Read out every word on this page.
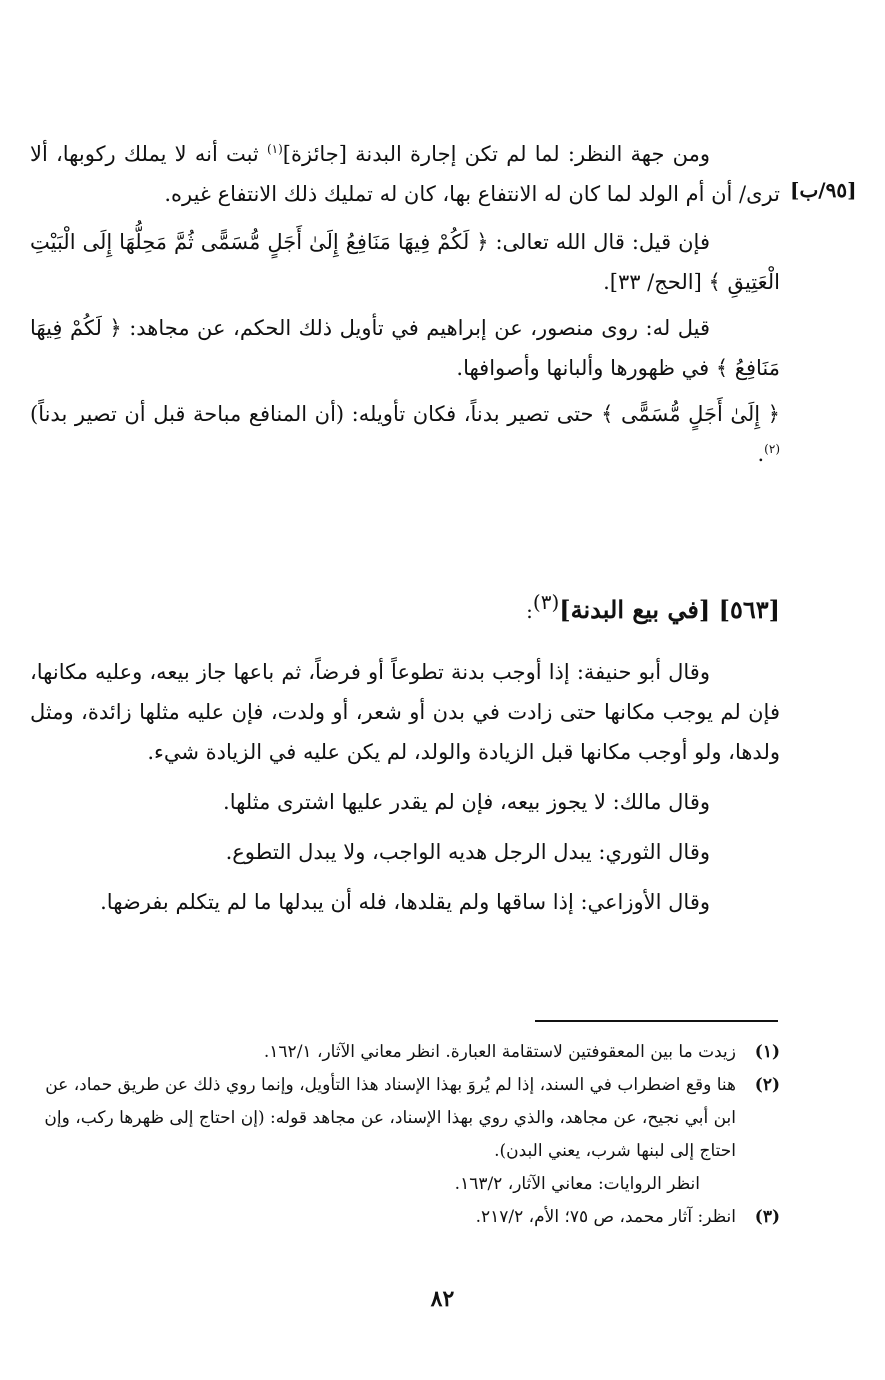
[٩٥/ب]

ومن جهة النظر: لما لم تكن إجارة البدنة [جائزة]$^{(١)}$ ثبت أنه لا يملك ركوبها، ألا ترى/ أن أم الولد لما كان له الانتفاع بها، كان له تمليك ذلك الانتفاع غيره.

فإن قيل: قال الله تعالى: ﴿ لَكُمْ فِيهَا مَنَافِعُ إِلَىٰ أَجَلٍ مُّسَمًّى ثُمَّ مَحِلُّهَا إِلَى الْبَيْتِ الْعَتِيقِ ﴾ [الحج/ ٣٣].

قيل له: روى منصور، عن إبراهيم في تأويل ذلك الحكم، عن مجاهد: ﴿ لَكُمْ فِيهَا مَنَافِعُ ﴾ في ظهورها وألبانها وأصوافها.

﴿ إِلَىٰ أَجَلٍ مُّسَمًّى ﴾ حتى تصير بدناً، فكان تأويله: (أن المنافع مباحة قبل أن تصير بدناً)$^{(٢)}$.

[٥٦٣] [في بيع البدنة]$^{(٣)}$:

وقال أبو حنيفة: إذا أوجب بدنة تطوعاً أو فرضاً، ثم باعها جاز بيعه، وعليه مكانها، فإن لم يوجب مكانها حتى زادت في بدن أو شعر، أو ولدت، فإن عليه مثلها زائدة، ومثل ولدها، ولو أوجب مكانها قبل الزيادة والولد، لم يكن عليه في الزيادة شيء.

وقال مالك: لا يجوز بيعه، فإن لم يقدر عليها اشترى مثلها.

وقال الثوري: يبدل الرجل هديه الواجب، ولا يبدل التطوع.

وقال الأوزاعي: إذا ساقها ولم يقلدها، فله أن يبدلها ما لم يتكلم بفرضها.

(١)زيدت ما بين المعقوفتين لاستقامة العبارة. انظر معاني الآثار، ١٦٢/١.

(٢)هنا وقع اضطراب في السند، إذا لم يُروَ بهذا الإسناد هذا التأويل، وإنما روي ذلك عن طريق حماد، عن ابن أبي نجيح، عن مجاهد، والذي روي بهذا الإسناد، عن مجاهد قوله: (إن احتاج إلى ظهرها ركب، وإن احتاج إلى لبنها شرب، يعني البدن).
انظر الروايات: معاني الآثار، ١٦٣/٢.

(٣)انظر: آثار محمد، ص ٧٥؛ الأم، ٢١٧/٢.

٨٢
